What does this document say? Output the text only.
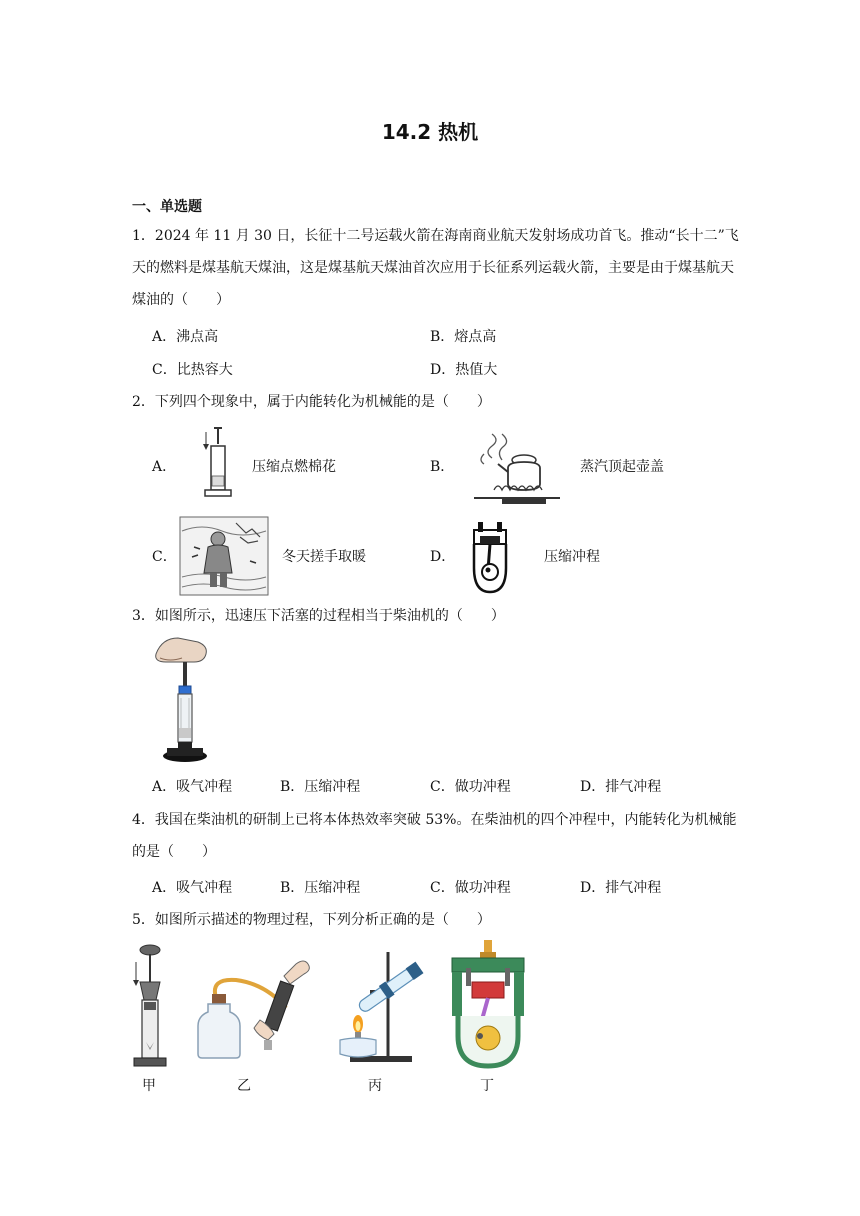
14.2 热机
一、单选题
1．2024 年 11 月 30 日，长征十二号运载火箭在海南商业航天发射场成功首飞。推动“长十二”飞天的燃料是煤基航天煤油，这是煤基航天煤油首次应用于长征系列运载火箭，主要是由于煤基航天煤油的（　　）
A．沸点高	B．熔点高
C．比热容大	D．热值大
2．下列四个现象中，属于内能转化为机械能的是（　　）
A．	压缩点燃棉花	B．	蒸汽顶起壶盖
C．	冬天搓手取暖	D．	压缩冲程
3．如图所示，迅速压下活塞的过程相当于柴油机的（　　）
A．吸气冲程	B．压缩冲程	C．做功冲程	D．排气冲程
4．我国在柴油机的研制上已将本体热效率突破 53%。在柴油机的四个冲程中，内能转化为机械能的是（　　）
A．吸气冲程	B．压缩冲程	C．做功冲程	D．排气冲程
5．如图所示描述的物理过程，下列分析正确的是（　　）
甲	乙	丙	丁
